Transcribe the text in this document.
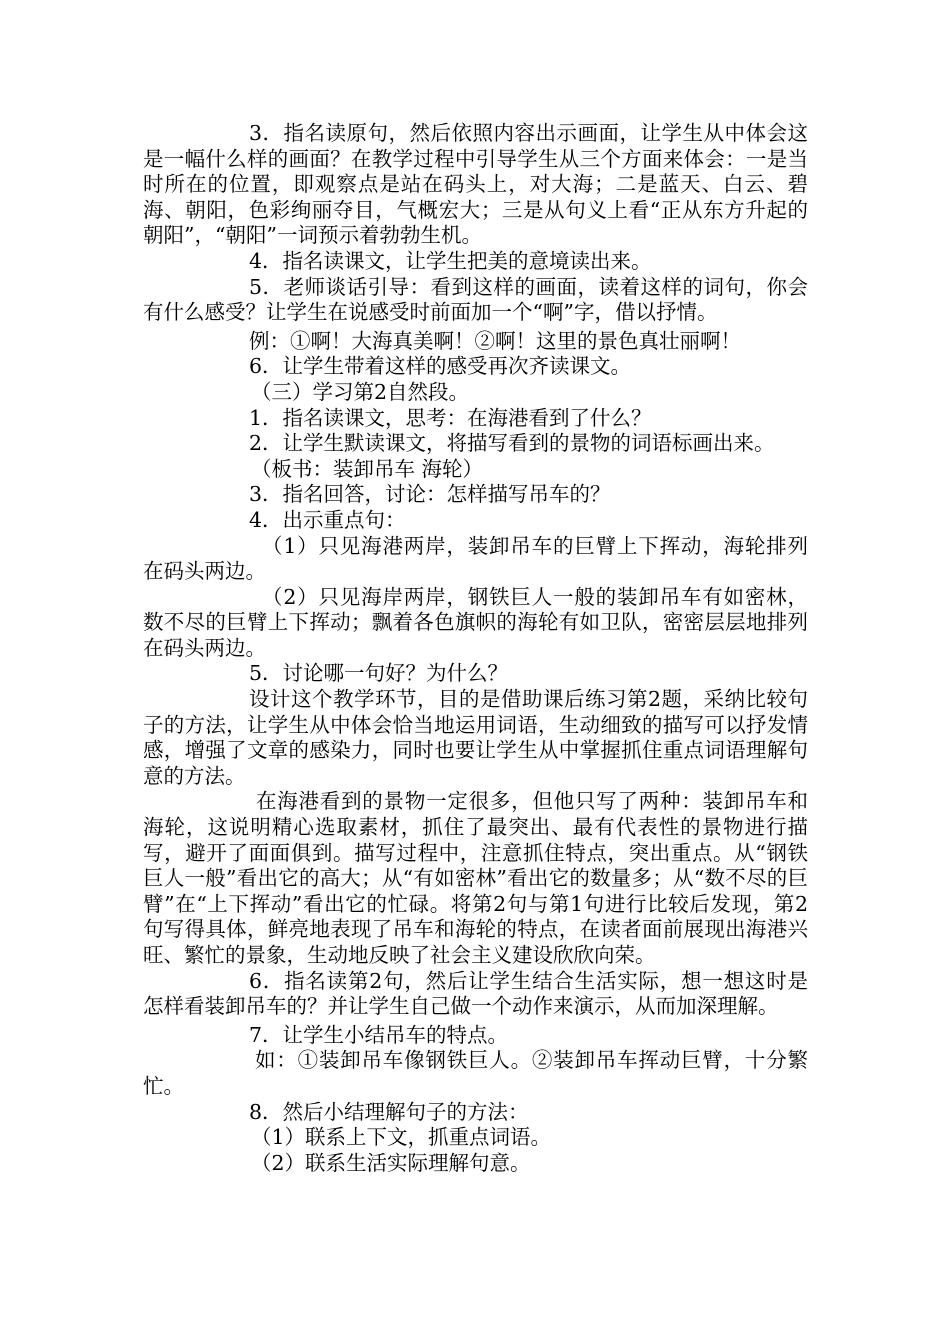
3．指名读原句，然后依照内容出示画面，让学生从中体会这是一幅什么样的画面？在教学过程中引导学生从三个方面来体会：一是当时所在的位置，即观察点是站在码头上，对大海；二是蓝天、白云、碧海、朝阳，色彩绚丽夺目，气概宏大；三是从句义上看“正从东方升起的朝阳”，“朝阳”一词预示着勃勃生机。

4．指名读课文，让学生把美的意境读出来。

5．老师谈话引导：看到这样的画面，读着这样的词句，你会有什么感受？让学生在说感受时前面加一个“啊”字，借以抒情。

例：①啊！大海真美啊！②啊！这里的景色真壮丽啊！

6．让学生带着这样的感受再次齐读课文。

（三）学习第2自然段。

1．指名读课文，思考：在海港看到了什么？

2．让学生默读课文，将描写看到的景物的词语标画出来。

（板书：装卸吊车 海轮）

3．指名回答，讨论：怎样描写吊车的？

4．出示重点句：

（1）只见海港两岸，装卸吊车的巨臂上下挥动，海轮排列在码头两边。

（2）只见海岸两岸，钢铁巨人一般的装卸吊车有如密林，数不尽的巨臂上下挥动；飘着各色旗帜的海轮有如卫队，密密层层地排列在码头两边。

5．讨论哪一句好？为什么？

设计这个教学环节，目的是借助课后练习第2题，采纳比较句子的方法，让学生从中体会恰当地运用词语，生动细致的描写可以抒发情感，增强了文章的感染力，同时也要让学生从中掌握抓住重点词语理解句意的方法。

在海港看到的景物一定很多，但他只写了两种：装卸吊车和海轮，这说明精心选取素材，抓住了最突出、最有代表性的景物进行描写，避开了面面俱到。描写过程中，注意抓住特点，突出重点。从“钢铁巨人一般”看出它的高大；从“有如密林”看出它的数量多；从“数不尽的巨臂”在“上下挥动”看出它的忙碌。将第2句与第1句进行比较后发现，第2句写得具体，鲜亮地表现了吊车和海轮的特点，在读者面前展现出海港兴旺、繁忙的景象，生动地反映了社会主义建设欣欣向荣。

6．指名读第2句，然后让学生结合生活实际，想一想这时是怎样看装卸吊车的？并让学生自己做一个动作来演示，从而加深理解。

7．让学生小结吊车的特点。

如：①装卸吊车像钢铁巨人。②装卸吊车挥动巨臂，十分繁忙。

8．然后小结理解句子的方法：

（1）联系上下文，抓重点词语。

（2）联系生活实际理解句意。
